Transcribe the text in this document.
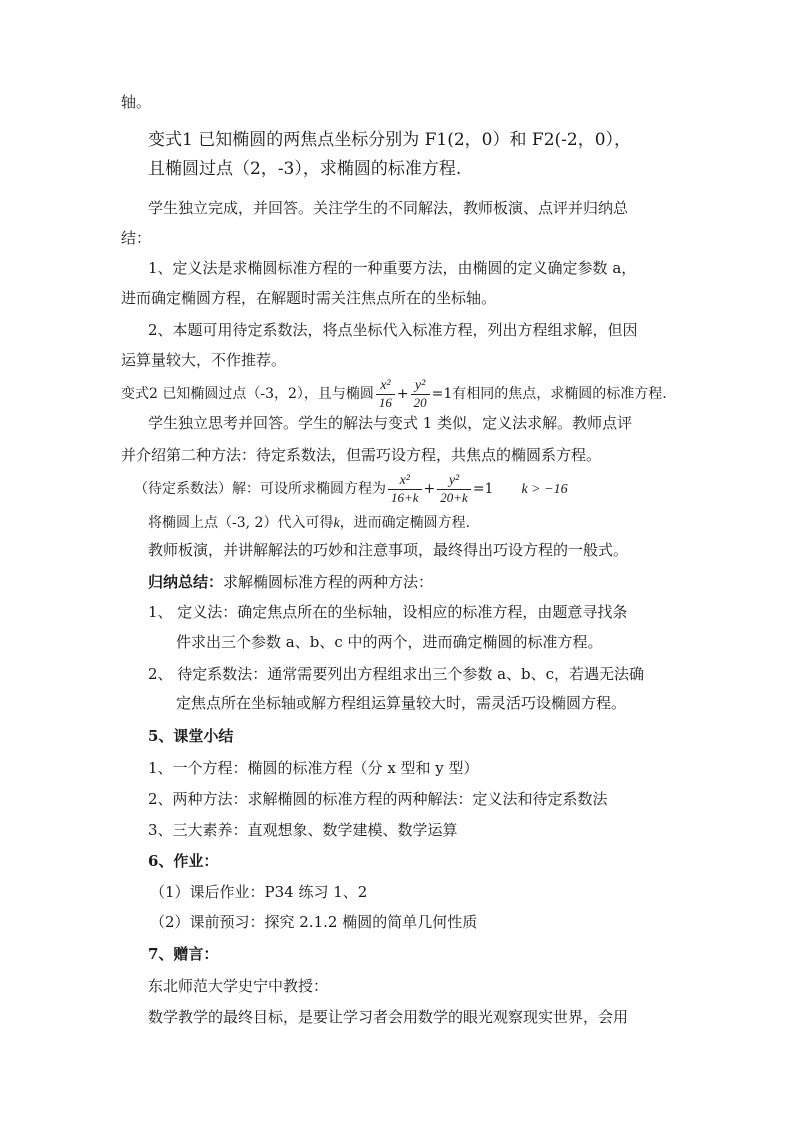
轴。
变式1 已知椭圆的两焦点坐标分别为 F1(2，0）和 F2(-2，0），
且椭圆过点（2，-3），求椭圆的标准方程.
学生独立完成，并回答。关注学生的不同解法，教师板演、点评并归纳总
结：
1、定义法是求椭圆标准方程的一种重要方法，由椭圆的定义确定参数 a，
进而确定椭圆方程，在解题时需关注焦点所在的坐标轴。
2、本题可用待定系数法，将点坐标代入标准方程，列出方程组求解，但因
运算量较大，不作推荐。
变式2 已知椭圆过点（-3，2），且与椭圆 $\frac{\text{x²}}{16} + \frac{\text{y²}}{20} =1$有相同的焦点，求椭圆的标准方程.
学生独立思考并回答。学生的解法与变式 1 类似，定义法求解。教师点评
并介绍第二种方法：待定系数法，但需巧设方程，共焦点的椭圆系方程。
（待定系数法）解：可设所求椭圆方程为 $\frac{\text{x²}}{16+k} + \frac{\text{y²}}{20+k} =1$ k > −16
将椭圆上点（-3, 2）代入可得k，进而确定椭圆方程.
教师板演，并讲解解法的巧妙和注意事项，最终得出巧设方程的一般式。
归纳总结：求解椭圆标准方程的两种方法：
1、 定义法：确定焦点所在的坐标轴，设相应的标准方程，由题意寻找条
件求出三个参数 a、b、c 中的两个，进而确定椭圆的标准方程。
2、 待定系数法：通常需要列出方程组求出三个参数 a、b、c，若遇无法确
定焦点所在坐标轴或解方程组运算量较大时，需灵活巧设椭圆方程。
5、课堂小结
1、一个方程：椭圆的标准方程（分 x 型和 y 型）
2、两种方法：求解椭圆的标准方程的两种解法：定义法和待定系数法
3、三大素养：直观想象、数学建模、数学运算
6、作业：
（1）课后作业：P34 练习 1、2
（2）课前预习：探究 2.1.2 椭圆的简单几何性质
7、赠言：
东北师范大学史宁中教授：
数学教学的最终目标，是要让学习者会用数学的眼光观察现实世界，会用
